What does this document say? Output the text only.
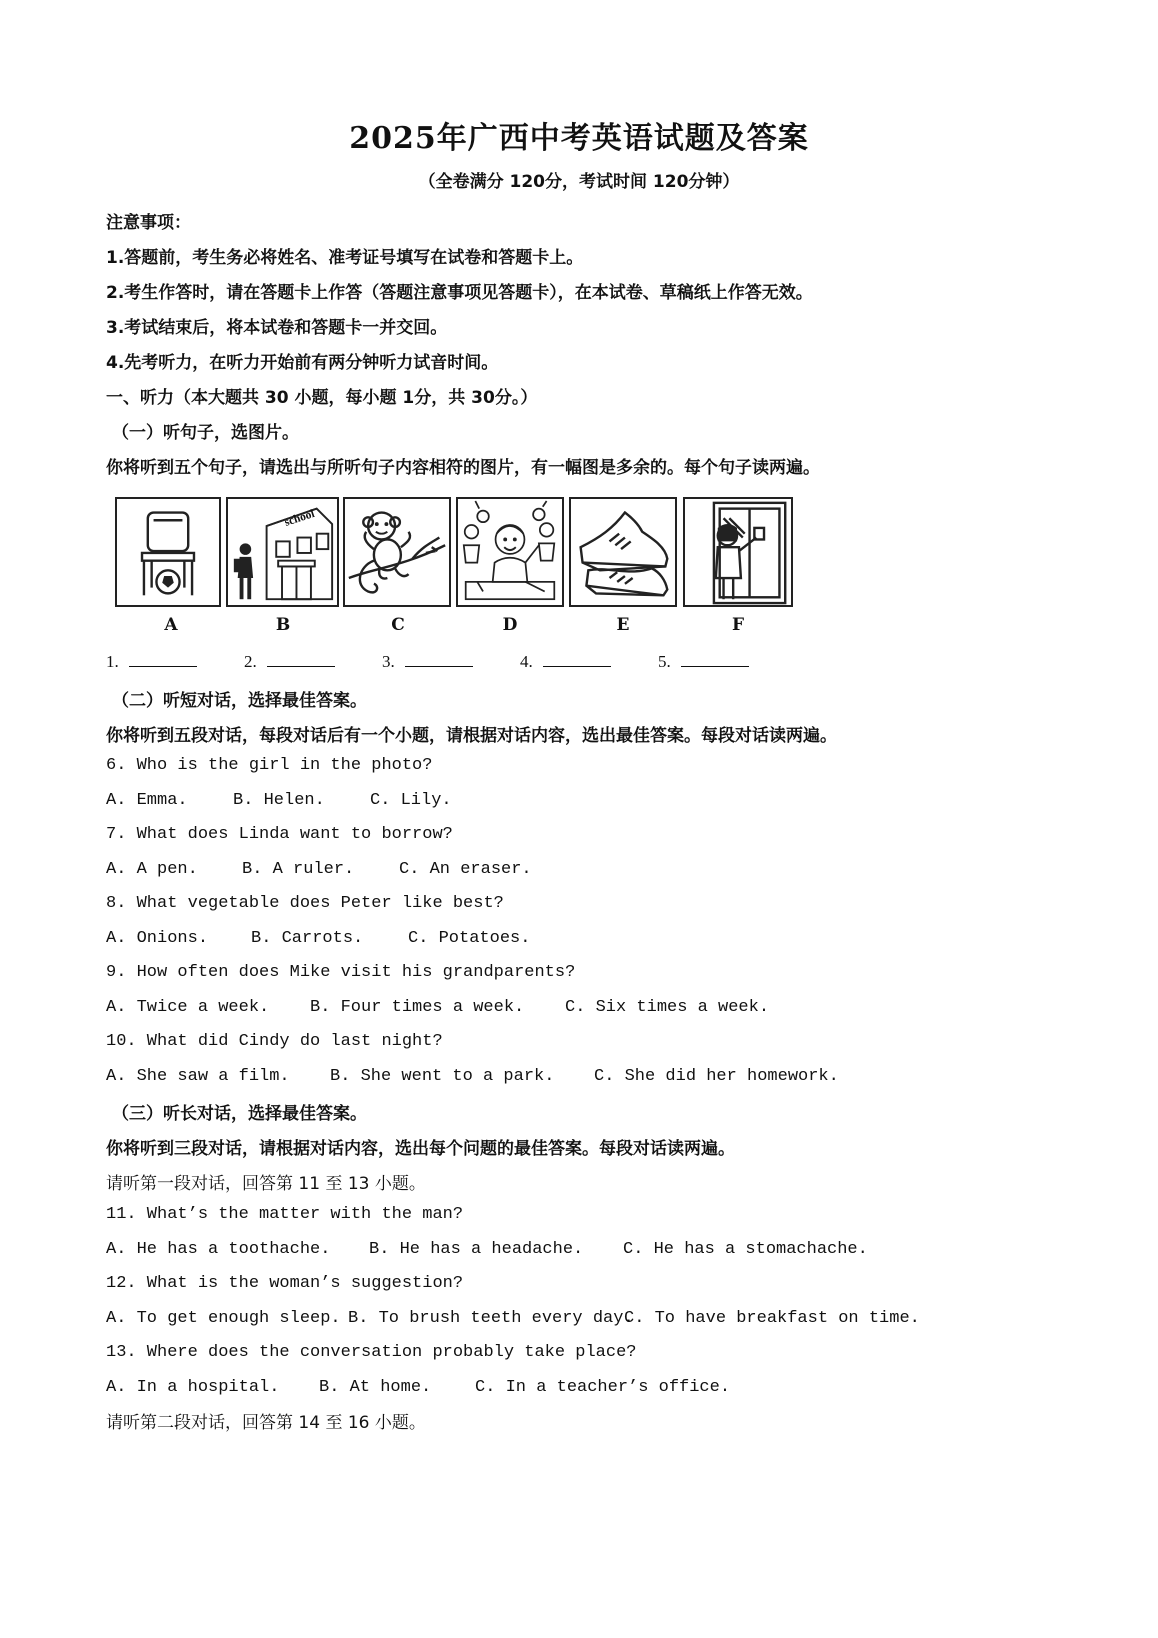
2025年广西中考英语试题及答案
（全卷满分 120分，考试时间 120分钟）
注意事项：
1.答题前，考生务必将姓名、准考证号填写在试卷和答题卡上。
2.考生作答时，请在答题卡上作答（答题注意事项见答题卡），在本试卷、草稿纸上作答无效。
3.考试结束后，将本试卷和答题卡一并交回。
4.先考听力，在听力开始前有两分钟听力试音时间。
一、听力（本大题共 30 小题，每小题 1分，共 30分。）
（一）听句子，选图片。
你将听到五个句子，请选出与所听句子内容相符的图片，有一幅图是多余的。每个句子读两遍。
school
A	B	C	D	E	F
1.	2.	3.	4.	5.
（二）听短对话，选择最佳答案。
你将听到五段对话，每段对话后有一个小题，请根据对话内容，选出最佳答案。每段对话读两遍。
6. Who is the girl in the photo?
A. Emma.	B. Helen.	C. Lily.
7. What does Linda want to borrow?
A. A pen.	B. A ruler.	C. An eraser.
8. What vegetable does Peter like best?
A. Onions.	B. Carrots.	C. Potatoes.
9. How often does Mike visit his grandparents?
A. Twice a week. B. Four times a week. C. Six times a week.
10. What did Cindy do last night?
A. She saw a film. B. She went to a park. C. She did her homework.
（三）听长对话，选择最佳答案。
你将听到三段对话，请根据对话内容，选出每个问题的最佳答案。每段对话读两遍。
请听第一段对话，回答第 11 至 13 小题。
11. What’s the matter with the man?
A. He has a toothache. B. He has a headache. C. He has a stomachache.
12. What is the woman’s suggestion?
A. To get enough sleep. B. To brush teeth every day.
C. To have breakfast on time.
13. Where does the conversation probably take place?
A. In a hospital. B. At home.	C. In a teacher’s office.
请听第二段对话，回答第 14 至 16 小题。
